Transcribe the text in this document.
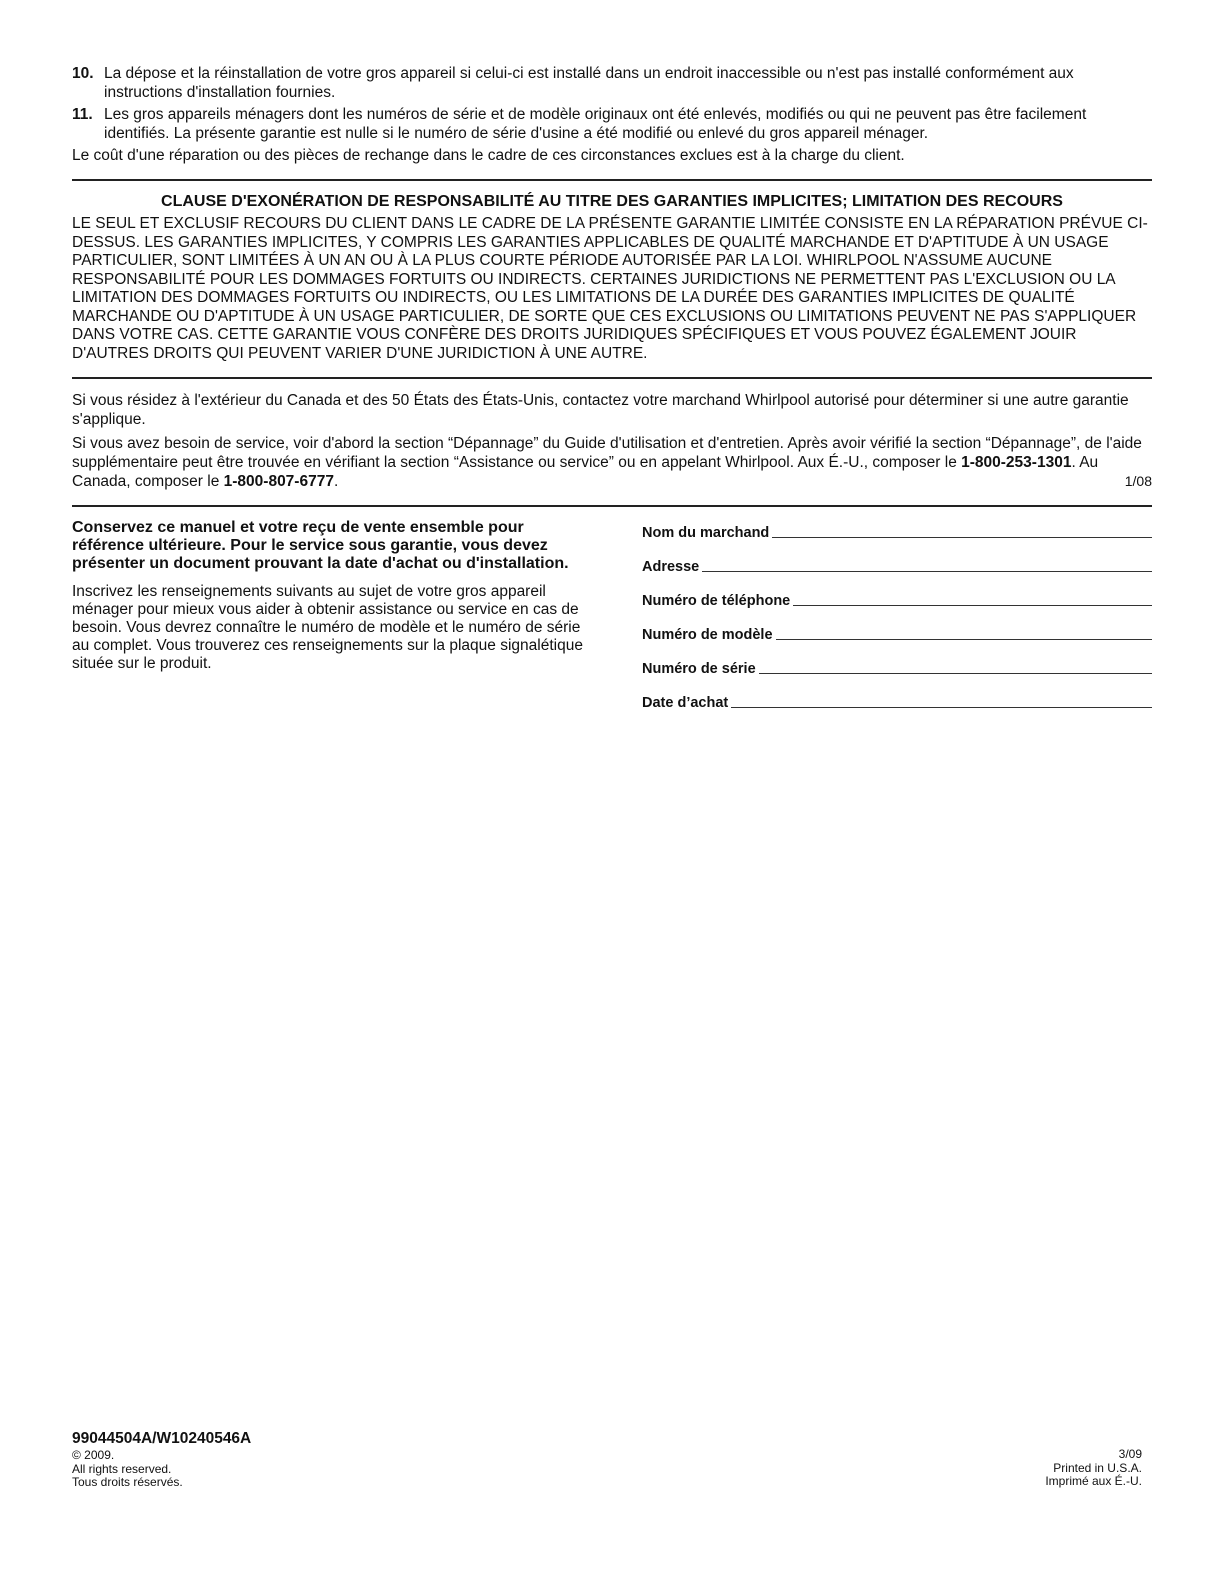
10. La dépose et la réinstallation de votre gros appareil si celui-ci est installé dans un endroit inaccessible ou n'est pas installé conformément aux instructions d'installation fournies.
11. Les gros appareils ménagers dont les numéros de série et de modèle originaux ont été enlevés, modifiés ou qui ne peuvent pas être facilement identifiés. La présente garantie est nulle si le numéro de série d'usine a été modifié ou enlevé du gros appareil ménager.

Le coût d'une réparation ou des pièces de rechange dans le cadre de ces circonstances exclues est à la charge du client.

CLAUSE D'EXONÉRATION DE RESPONSABILITÉ AU TITRE DES GARANTIES IMPLICITES; LIMITATION DES RECOURS

LE SEUL ET EXCLUSIF RECOURS DU CLIENT DANS LE CADRE DE LA PRÉSENTE GARANTIE LIMITÉE CONSISTE EN LA RÉPARATION PRÉVUE CI-DESSUS. LES GARANTIES IMPLICITES, Y COMPRIS LES GARANTIES APPLICABLES DE QUALITÉ MARCHANDE ET D'APTITUDE À UN USAGE PARTICULIER, SONT LIMITÉES À UN AN OU À LA PLUS COURTE PÉRIODE AUTORISÉE PAR LA LOI. WHIRLPOOL N'ASSUME AUCUNE RESPONSABILITÉ POUR LES DOMMAGES FORTUITS OU INDIRECTS. CERTAINES JURIDICTIONS NE PERMETTENT PAS L'EXCLUSION OU LA LIMITATION DES DOMMAGES FORTUITS OU INDIRECTS, OU LES LIMITATIONS DE LA DURÉE DES GARANTIES IMPLICITES DE QUALITÉ MARCHANDE OU D'APTITUDE À UN USAGE PARTICULIER, DE SORTE QUE CES EXCLUSIONS OU LIMITATIONS PEUVENT NE PAS S'APPLIQUER DANS VOTRE CAS. CETTE GARANTIE VOUS CONFÈRE DES DROITS JURIDIQUES SPÉCIFIQUES ET VOUS POUVEZ ÉGALEMENT JOUIR D'AUTRES DROITS QUI PEUVENT VARIER D'UNE JURIDICTION À UNE AUTRE.

Si vous résidez à l'extérieur du Canada et des 50 États des États-Unis, contactez votre marchand Whirlpool autorisé pour déterminer si une autre garantie s'applique.

Si vous avez besoin de service, voir d'abord la section “Dépannage” du Guide d'utilisation et d'entretien. Après avoir vérifié la section “Dépannage”, de l'aide supplémentaire peut être trouvée en vérifiant la section “Assistance ou service” ou en appelant Whirlpool. Aux É.-U., composer le 1-800-253-1301. Au Canada, composer le 1-800-807-6777.	1/08

Conservez ce manuel et votre reçu de vente ensemble pour référence ultérieure. Pour le service sous garantie, vous devez présenter un document prouvant la date d'achat ou d'installation.

Inscrivez les renseignements suivants au sujet de votre gros appareil ménager pour mieux vous aider à obtenir assistance ou service en cas de besoin. Vous devrez connaître le numéro de modèle et le numéro de série au complet. Vous trouverez ces renseignements sur la plaque signalétique située sur le produit.

Nom du marchand
Adresse
Numéro de téléphone
Numéro de modèle
Numéro de série
Date d’achat
99044504A/W10240546A
© 2009.
All rights reserved.
Tous droits réservés.
3/09
Printed in U.S.A.
Imprimé aux É.-U.
